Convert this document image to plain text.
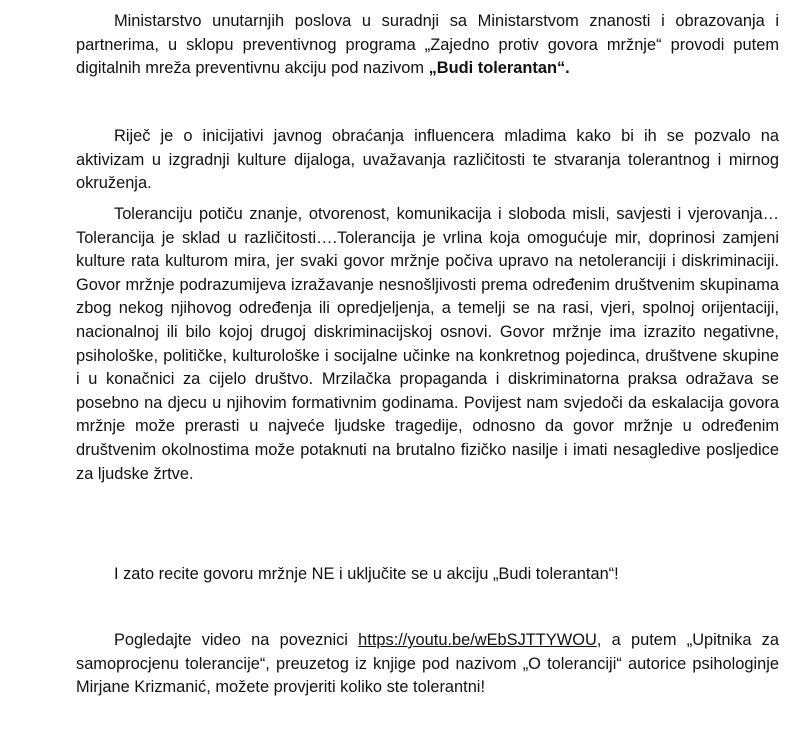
Ministarstvo unutarnjih poslova u suradnji sa Ministarstvom znanosti i obrazovanja i partnerima, u sklopu preventivnog programa „Zajedno protiv govora mržnje“ provodi putem digitalnih mreža preventivnu akciju pod nazivom „Budi tolerantan“.

Riječ je o inicijativi javnog obraćanja influencera mladima kako bi ih se pozvalo na aktivizam u izgradnji kulture dijaloga, uvažavanja različitosti te stvaranja tolerantnog i mirnog okruženja.

Toleranciju potiču znanje, otvorenost, komunikacija i sloboda misli, savjesti i vjerovanja… Tolerancija je sklad u različitosti….Tolerancija je vrlina koja omogućuje mir, doprinosi zamjeni kulture rata kulturom mira, jer svaki govor mržnje počiva upravo na netoleranciji i diskriminaciji. Govor mržnje podrazumijeva izražavanje nesnošljivosti prema određenim društvenim skupinama zbog nekog njihovog određenja ili opredjeljenja, a temelji se na rasi, vjeri, spolnoj orijentaciji, nacionalnoj ili bilo kojoj drugoj diskriminacijskoj osnovi. Govor mržnje ima izrazito negativne, psihološke, političke, kulturološke i socijalne učinke na konkretnog pojedinca, društvene skupine i u konačnici za cijelo društvo. Mrzilačka propaganda i diskriminatorna praksa odražava se posebno na djecu u njihovim formativnim godinama. Povijest nam svjedoči da eskalacija govora mržnje može prerasti u najveće ljudske tragedije, odnosno da govor mržnje u određenim društvenim okolnostima može potaknuti na brutalno fizičko nasilje i imati nesagledive posljedice za ljudske žrtve.

I zato recite govoru mržnje NE i uključite se u akciju „Budi tolerantan“!

Pogledajte video na poveznici https://youtu.be/wEbSJTTYWOU, a putem „Upitnika za samoprocjenu tolerancije“, preuzetog iz knjige pod nazivom „O toleranciji“ autorice psihologinje Mirjane Krizmanić, možete provjeriti koliko ste tolerantni!
